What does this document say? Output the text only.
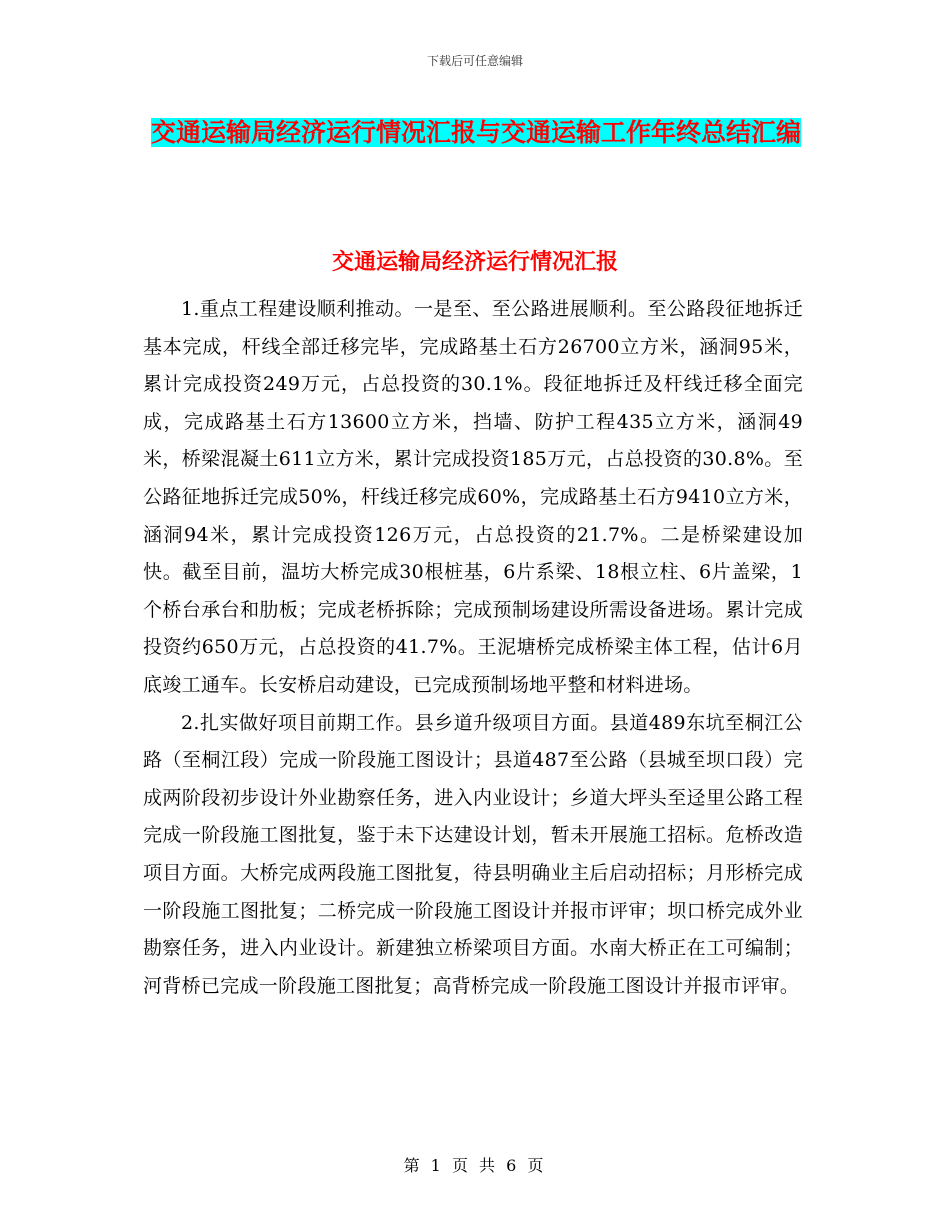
下载后可任意编辑
交通运输局经济运行情况汇报与交通运输工作年终总结汇编
交通运输局经济运行情况汇报

1.重点工程建设顺利推动。一是至、至公路进展顺利。至公路段征地拆迁基本完成，杆线全部迁移完毕，完成路基土石方26700立方米，涵洞95米，累计完成投资249万元，占总投资的30.1%。段征地拆迁及杆线迁移全面完成，完成路基土石方13600立方米，挡墙、防护工程435立方米，涵洞49米，桥梁混凝土611立方米，累计完成投资185万元，占总投资的30.8%。至公路征地拆迁完成50%，杆线迁移完成60%，完成路基土石方9410立方米，涵洞94米，累计完成投资126万元，占总投资的21.7%。二是桥梁建设加快。截至目前，温坊大桥完成30根桩基，6片系梁、18根立柱、6片盖梁，1 个桥台承台和肋板；完成老桥拆除；完成预制场建设所需设备进场。累计完成投资约650万元，占总投资的41.7%。王泥塘桥完成桥梁主体工程，估计6月底竣工通车。长安桥启动建设，已完成预制场地平整和材料进场。

2.扎实做好项目前期工作。县乡道升级项目方面。县道489东坑至桐江公路（至桐江段）完成一阶段施工图设计；县道487至公路（县城至坝口段）完成两阶段初步设计外业勘察任务，进入内业设计；乡道大坪头至迳里公路工程完成一阶段施工图批复，鉴于未下达建设计划，暂未开展施工招标。危桥改造项目方面。大桥完成两段施工图批复，待县明确业主后启动招标；月形桥完成一阶段施工图批复；二桥完成一阶段施工图设计并报市评审；坝口桥完成外业勘察任务，进入内业设计。新建独立桥梁项目方面。水南大桥正在工可编制；河背桥已完成一阶段施工图批复；高背桥完成一阶段施工图设计并报市评审。

第 1 页 共 6 页
